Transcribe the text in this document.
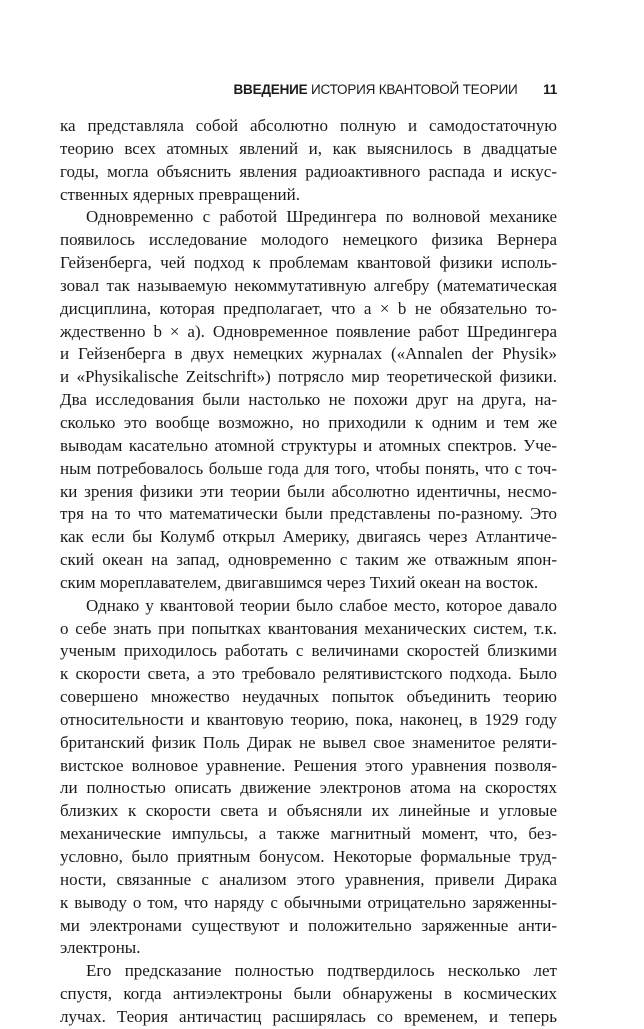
ВВЕДЕНИЕ ИСТОРИЯ КВАНТОВОЙ ТЕОРИИ 11

ка представляла собой абсолютно полную и самодостаточную
теорию всех атомных явлений и, как выяснилось в двадцатые
годы, могла объяснить явления радиоактивного распада и искус-
ственных ядерных превращений.

Одновременно с работой Шредингера по волновой механике
появилось исследование молодого немецкого физика Вернера
Гейзенберга, чей подход к проблемам квантовой физики исполь-
зовал так называемую некоммутативную алгебру (математическая
дисциплина, которая предполагает, что a × b не обязательно то-
ждественно b × a). Одновременное появление работ Шредингера
и Гейзенберга в двух немецких журналах («Annalen der Physik»
и «Physikalische Zeitschrift») потрясло мир теоретической физики.
Два исследования были настолько не похожи друг на друга, на-
сколько это вообще возможно, но приходили к одним и тем же
выводам касательно атомной структуры и атомных спектров. Уче-
ным потребовалось больше года для того, чтобы понять, что с точ-
ки зрения физики эти теории были абсолютно идентичны, несмо-
тря на то что математически были представлены по-разному. Это
как если бы Колумб открыл Америку, двигаясь через Атлантиче-
ский океан на запад, одновременно с таким же отважным япон-
ским мореплавателем, двигавшимся через Тихий океан на восток.

Однако у квантовой теории было слабое место, которое давало
о себе знать при попытках квантования механических систем, т.к.
ученым приходилось работать с величинами скоростей близкими
к скорости света, а это требовало релятивистского подхода. Было
совершено множество неудачных попыток объединить теорию
относительности и квантовую теорию, пока, наконец, в 1929 году
британский физик Поль Дирак не вывел свое знаменитое реляти-
вистское волновое уравнение. Решения этого уравнения позволя-
ли полностью описать движение электронов атома на скоростях
близких к скорости света и объясняли их линейные и угловые
механические импульсы, а также магнитный момент, что, без-
условно, было приятным бонусом. Некоторые формальные труд-
ности, связанные с анализом этого уравнения, привели Дирака
к выводу о том, что наряду с обычными отрицательно заряженны-
ми электронами существуют и положительно заряженные анти-
электроны.

Его предсказание полностью подтвердилось несколько лет
спустя, когда антиэлектроны были обнаружены в космических
лучах. Теория античастиц расширялась со временем, и теперь
